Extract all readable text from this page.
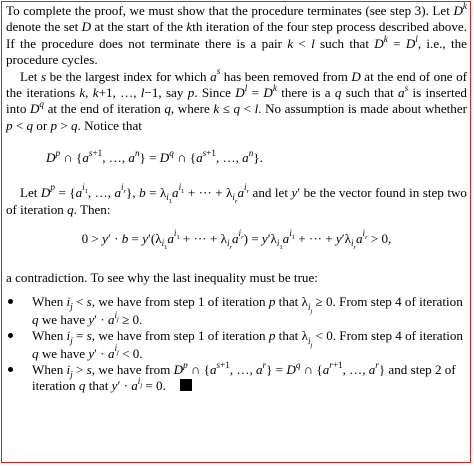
To complete the proof, we must show that the procedure terminates (see step 3). Let $D^k$ denote the set D at the start of the kth iteration of the four step process described above. If the procedure does not terminate there is a pair k < l such that $D^k = D^l$, i.e., the procedure cycles.

Let s be the largest index for which $a^s$ has been removed from D at the end of one of the iterations k, k+1, …, l−1, say p. Since $D^l = D^k$ there is a q such that $a^s$ is inserted into $D^q$ at the end of iteration q, where k ≤ q < l. No assumption is made about whether p < q or p > q. Notice that

$D^p$ ∩ {$a^{s+1}$, …, $a^n\} = D^q$ ∩ {$a^{s+1}$, …, $a^n$}.

Let $D^p = \{a^{i_1}$, …, $a^{i_r}$}, $b = \lambda_{i_1}a^{i_1}$ + ··· + $\lambda_{i_r}a^{i_r}$ and let y′ be the vector found in step two of iteration q. Then:

$0 > y' \cdot b = y'(\lambda_{i_1}a^{i_1}$ + ··· + $\lambda_{i_r}a^{i_r}) = y'\lambda_{i_1}a^{i_1}$ + ··· + $y'\lambda_{i_r}a^{i_r} > 0$,

a contradiction. To see why the last inequality must be true:

When $i_j < s$, we have from step 1 of iteration p that $\lambda_{i_j} \ge 0$. From step 4 of iteration q we have $y' \cdot a^{i_j} \ge 0$.
When $i_j = s$, we have from step 1 of iteration p that $\lambda_{i_j} < 0$. From step 4 of iteration q we have $y' \cdot a^{i_j} < 0$.
When $i_j > s$, we have from $D^p$ ∩ {$a^{s+1}$, …, $a^r\} = D^q$ ∩ {$a^{r+1}$, …, $a^r$} and step 2 of iteration q that $y' \cdot a^{i_j} = 0$.
